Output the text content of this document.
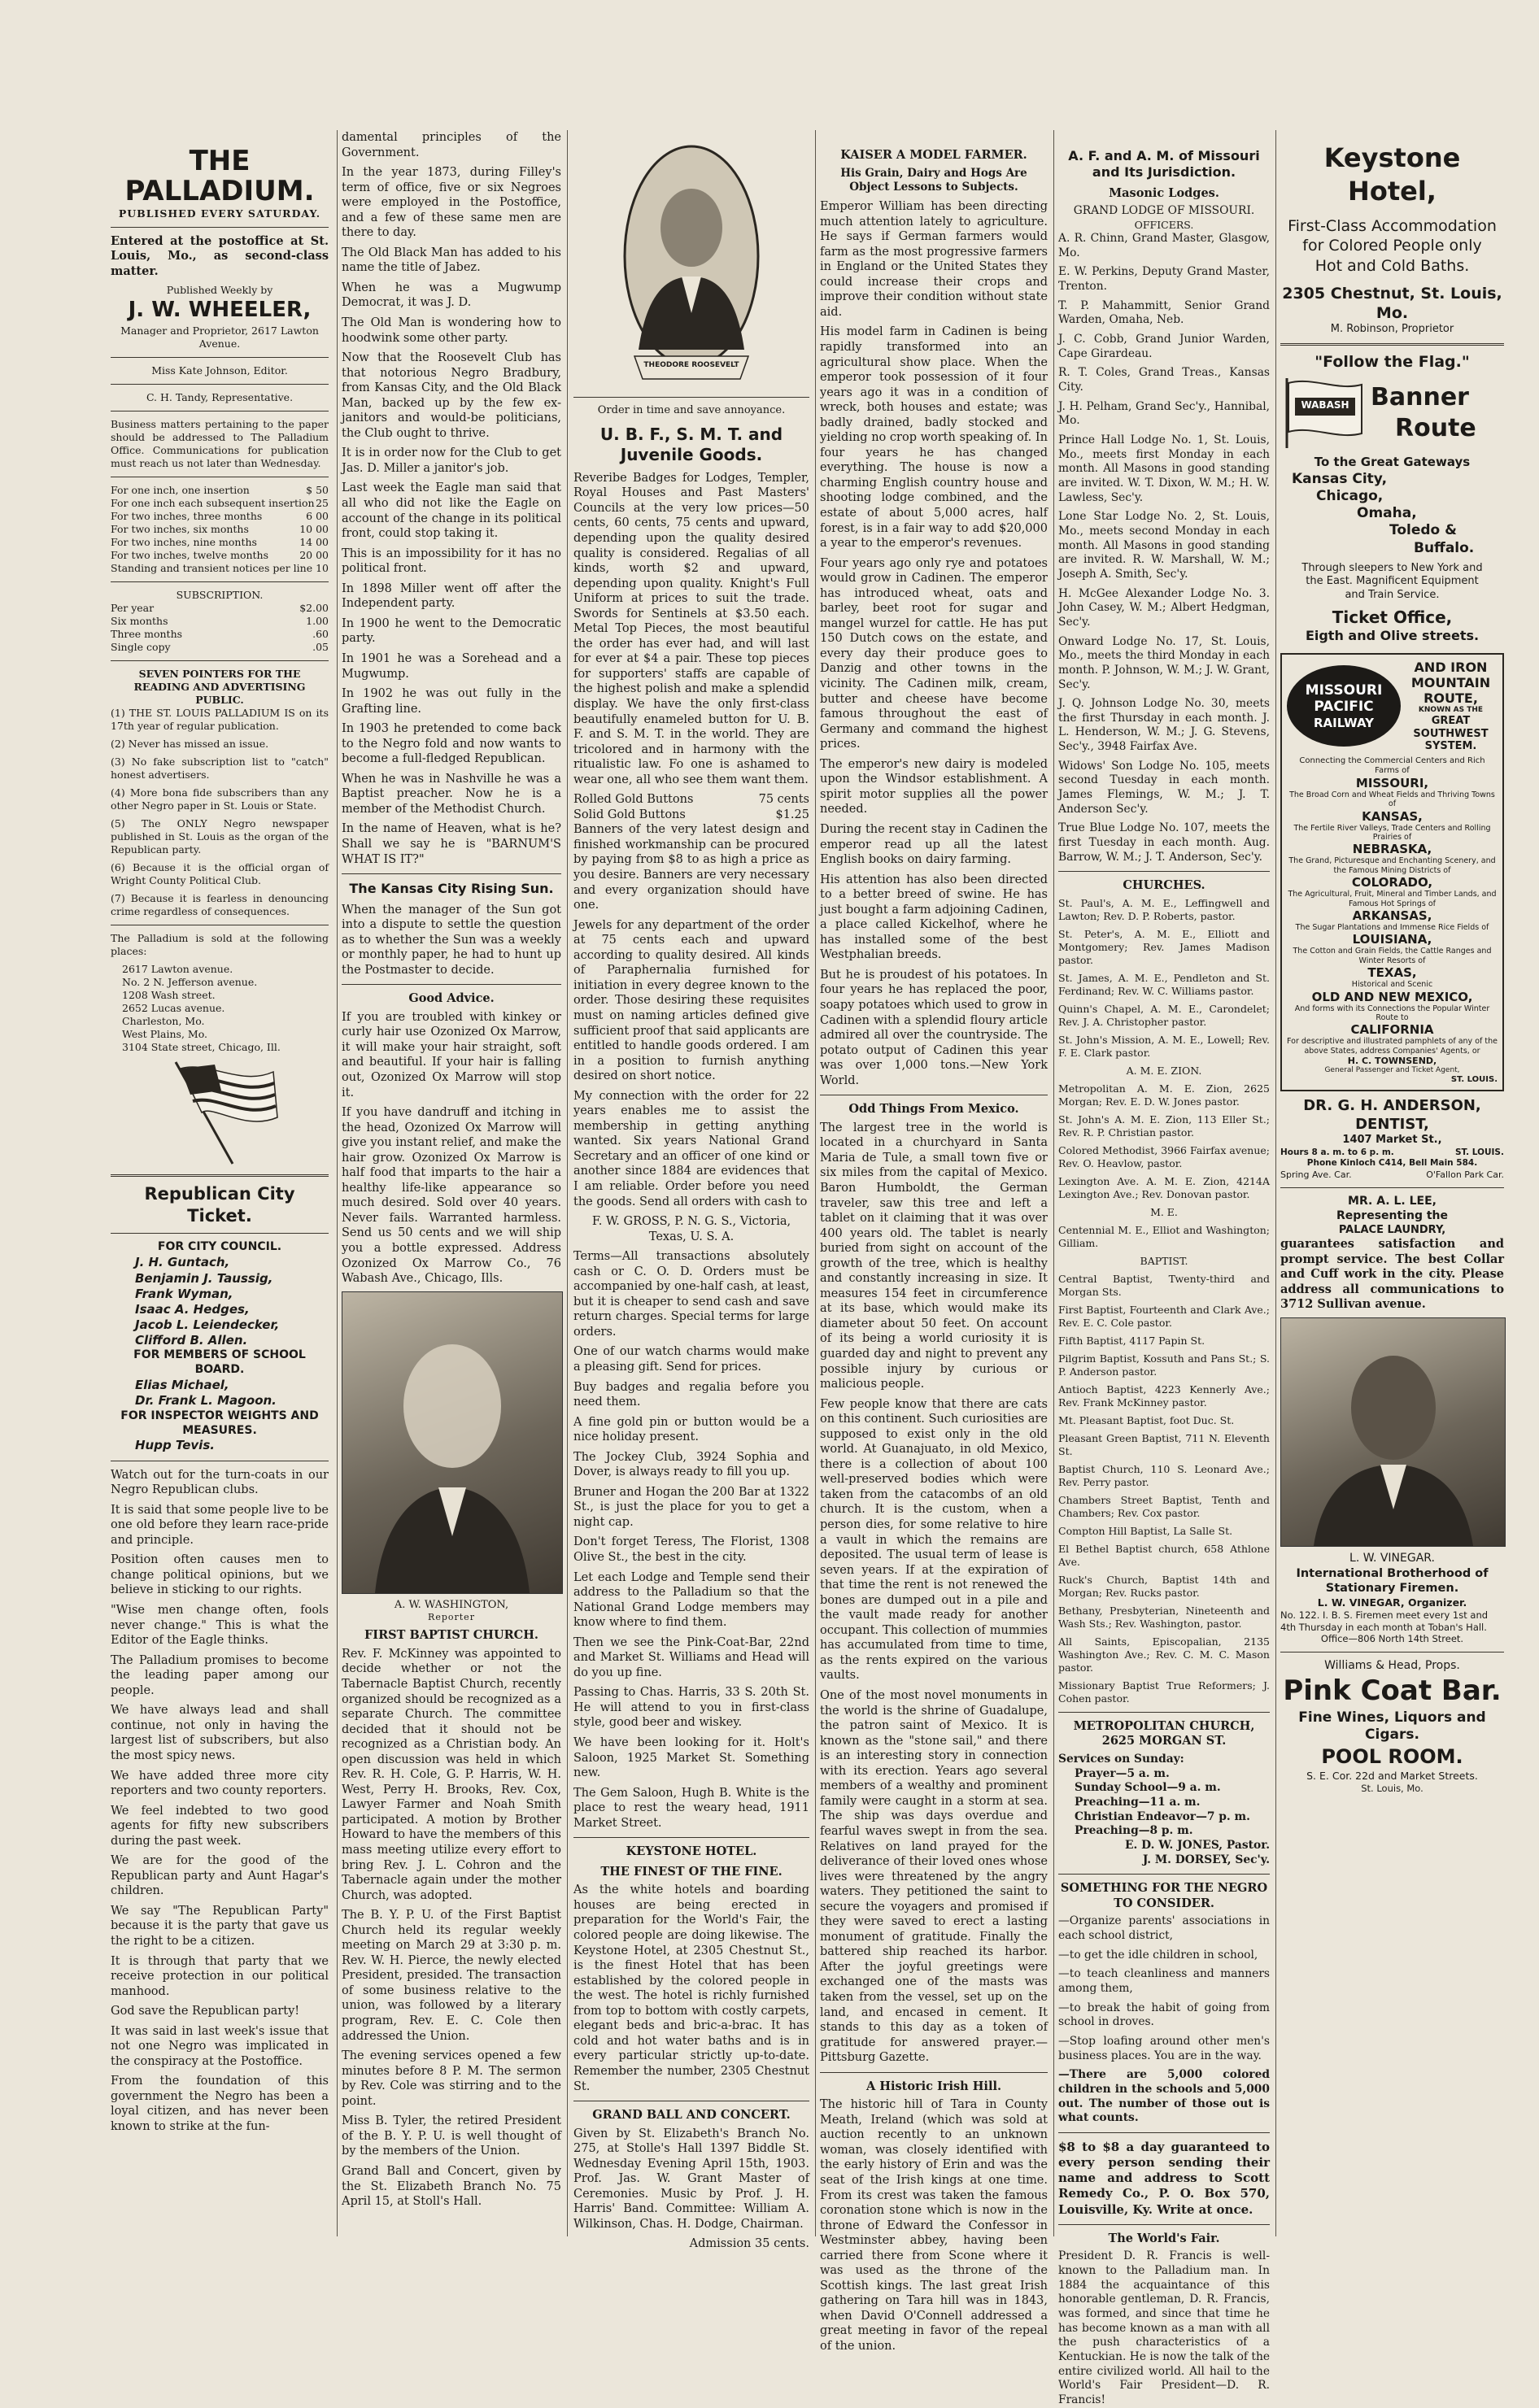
THE PALLADIUM.
PUBLISHED EVERY SATURDAY.

Entered at the postoffice at St. Louis, Mo., as second-class matter.

Published Weekly by
J. W. WHEELER,
Manager and Proprietor, 2617 Lawton Avenue.
Miss Kate Johnson, Editor.
C. H. Tandy, Representative.

Business matters pertaining to the paper should be addressed to The Palladium Office. Communications for publication must reach us not later than Wednesday.

For one inch, one insertion	$ 50
For one inch each subsequent insertion 25
For two inches, three months	6 00
For two inches, six months	10 00
For two inches, nine months	14 00
For two inches, twelve months	20 00
Standing and transient notices per line 10
SUBSCRIPTION.
Per year	$2.00
Six months	1.00
Three months	.60
Single copy	.05
SEVEN POINTERS FOR THE READING AND ADVERTISING PUBLIC.
(1) THE ST. LOUIS PALLADIUM IS on its 17th year of regular publication.
(2) Never has missed an issue.
(3) No fake subscription list to "catch" honest advertisers.
(4) More bona fide subscribers than any other Negro paper in St. Louis or State.
(5) The ONLY Negro newspaper published in St. Louis as the organ of the Republican party.
(6) Because it is the official organ of Wright County Political Club.
(7) Because it is fearless in denouncing crime regardless of consequences.

The Palladium is sold at the following places:

2617 Lawton avenue.
No. 2 N. Jefferson avenue.
1208 Wash street.
2652 Lucas avenue.
Charleston, Mo.
West Plains, Mo.
3104 State street, Chicago, Ill.
Republican City Ticket.
FOR CITY COUNCIL.
J. H. Guntach,
Benjamin J. Taussig,
Frank Wyman,
Isaac A. Hedges,
Jacob L. Leiendecker,
Clifford B. Allen.
FOR MEMBERS OF SCHOOL BOARD.
Elias Michael,
Dr. Frank L. Magoon.
FOR INSPECTOR WEIGHTS AND MEASURES.
Hupp Tevis.

Watch out for the turn-coats in our Negro Republican clubs.

It is said that some people live to be one old before they learn race-pride and principle.

Position often causes men to change political opinions, but we believe in sticking to our rights.

"Wise men change often, fools never change." This is what the Editor of the Eagle thinks.

The Palladium promises to become the leading paper among our people.

We have always lead and shall continue, not only in having the largest list of subscribers, but also the most spicy news.

We have added three more city reporters and two county reporters.

We feel indebted to two good agents for fifty new subscribers during the past week.

We are for the good of the Republican party and Aunt Hagar's children.

We say "The Republican Party" because it is the party that gave us the right to be a citizen.

It is through that party that we receive protection in our political manhood.

God save the Republican party!

It was said in last week's issue that not one Negro was implicated in the conspiracy at the Postoffice.

From the foundation of this government the Negro has been a loyal citizen, and has never been known to strike at the fun-

damental principles of the Government.

In the year 1873, during Filley's term of office, five or six Negroes were employed in the Postoffice, and a few of these same men are there to day.

The Old Black Man has added to his name the title of Jabez.

When he was a Mugwump Democrat, it was J. D.

The Old Man is wondering how to hoodwink some other party.

Now that the Roosevelt Club has that notorious Negro Bradbury, from Kansas City, and the Old Black Man, backed up by the few ex-janitors and would-be politicians, the Club ought to thrive.

It is in order now for the Club to get Jas. D. Miller a janitor's job.

Last week the Eagle man said that all who did not like the Eagle on account of the change in its political front, could stop taking it.

This is an impossibility for it has no political front.

In 1898 Miller went off after the Independent party.

In 1900 he went to the Democratic party.

In 1901 he was a Sorehead and a Mugwump.

In 1902 he was out fully in the Grafting line.

In 1903 he pretended to come back to the Negro fold and now wants to become a full-fledged Republican.

When he was in Nashville he was a Baptist preacher. Now he is a member of the Methodist Church.

In the name of Heaven, what is he? Shall we say he is "BARNUM'S WHAT IS IT?"

The Kansas City Rising Sun.

When the manager of the Sun got into a dispute to settle the question as to whether the Sun was a weekly or monthly paper, he had to hunt up the Postmaster to decide.

Good Advice.

If you are troubled with kinkey or curly hair use Ozonized Ox Marrow, it will make your hair straight, soft and beautiful. If your hair is falling out, Ozonized Ox Marrow will stop it.

If you have dandruff and itching in the head, Ozonized Ox Marrow will give you instant relief, and make the hair grow. Ozonized Ox Marrow is half food that imparts to the hair a healthy life-like appearance so much desired. Sold over 40 years. Never fails. Warranted harmless. Send us 50 cents and we will ship you a bottle expressed. Address Ozonized Ox Marrow Co., 76 Wabash Ave., Chicago, Ills.

A. W. WASHINGTON,
Reporter
FIRST BAPTIST CHURCH.

Rev. F. McKinney was appointed to decide whether or not the Tabernacle Baptist Church, recently organized should be recognized as a separate Church. The committee decided that it should not be recognized as a Christian body. An open discussion was held in which Rev. R. H. Cole, G. P. Harris, W. H. West, Perry H. Brooks, Rev. Cox, Lawyer Farmer and Noah Smith participated. A motion by Brother Howard to have the members of this mass meeting utilize every effort to bring Rev. J. L. Cohron and the Tabernacle again under the mother Church, was adopted.

The B. Y. P. U. of the First Baptist Church held its regular weekly meeting on March 29 at 3:30 p. m. Rev. W. H. Pierce, the newly elected President, presided. The transaction of some business relative to the union, was followed by a literary program, Rev. E. C. Cole then addressed the Union.

The evening services opened a few minutes before 8 P. M. The sermon by Rev. Cole was stirring and to the point.

Miss B. Tyler, the retired President of the B. Y. P. U. is well thought of by the members of the Union.

Grand Ball and Concert, given by the St. Elizabeth Branch No. 75 April 15, at Stoll's Hall.

THEODORE ROOSEVELT
Order in time and save annoyance.
U. B. F., S. M. T. and Juvenile Goods.

Reveribe Badges for Lodges, Templer, Royal Houses and Past Masters' Councils at the very low prices—50 cents, 60 cents, 75 cents and upward, depending upon the quality desired quality is considered. Regalias of all kinds, worth $2 and upward, depending upon quality. Knight's Full Uniform at prices to suit the trade. Swords for Sentinels at $3.50 each. Metal Top Pieces, the most beautiful the order has ever had, and will last for ever at $4 a pair. These top pieces for supporters' staffs are capable of the highest polish and make a splendid display. We have the only first-class beautifully enameled button for U. B. F. and S. M. T. in the world. They are tricolored and in harmony with the ritualistic law. Fo one is ashamed to wear one, all who see them want them.

Rolled Gold Buttons	75 cents
Solid Gold Buttons	$1.25

Banners of the very latest design and finished workmanship can be procured by paying from $8 to as high a price as you desire. Banners are very necessary and every organization should have one.

Jewels for any department of the order at 75 cents each and upward according to quality desired. All kinds of Paraphernalia furnished for initiation in every degree known to the order. Those desiring these requisites must on naming articles defined give sufficient proof that said applicants are entitled to handle goods ordered. I am in a position to furnish anything desired on short notice.

My connection with the order for 22 years enables me to assist the membership in getting anything wanted. Six years National Grand Secretary and an officer of one kind or another since 1884 are evidences that I am reliable. Order before you need the goods. Send all orders with cash to

F. W. GROSS, P. N. G. S., Victoria, Texas, U. S. A.

Terms—All transactions absolutely cash or C. O. D. Orders must be accompanied by one-half cash, at least, but it is cheaper to send cash and save return charges. Special terms for large orders.

One of our watch charms would make a pleasing gift. Send for prices.

Buy badges and regalia before you need them.

A fine gold pin or button would be a nice holiday present.

The Jockey Club, 3924 Sophia and Dover, is always ready to fill you up.

Bruner and Hogan the 200 Bar at 1322 St., is just the place for you to get a night cap.

Don't forget Teress, The Florist, 1308 Olive St., the best in the city.

Let each Lodge and Temple send their address to the Palladium so that the National Grand Lodge members may know where to find them.

Then we see the Pink-Coat-Bar, 22nd and Market St. Williams and Head will do you up fine.

Passing to Chas. Harris, 33 S. 20th St. He will attend to you in first-class style, good beer and wiskey.

We have been looking for it. Holt's Saloon, 1925 Market St. Something new.

The Gem Saloon, Hugh B. White is the place to rest the weary head, 1911 Market Street.

KEYSTONE HOTEL.
THE FINEST OF THE FINE.

As the white hotels and boarding houses are being erected in preparation for the World's Fair, the colored people are doing likewise. The Keystone Hotel, at 2305 Chestnut St., is the finest Hotel that has been established by the colored people in the west. The hotel is richly furnished from top to bottom with costly carpets, elegant beds and bric-a-brac. It has cold and hot water baths and is in every particular strictly up-to-date. Remember the number, 2305 Chestnut St.

GRAND BALL AND CONCERT.

Given by St. Elizabeth's Branch No. 275, at Stolle's Hall 1397 Biddle St. Wednesday Evening April 15th, 1903. Prof. Jas. W. Grant Master of Ceremonies. Music by Prof. J. H. Harris' Band. Committee: William A. Wilkinson, Chas. H. Dodge, Chairman.

Admission 35 cents.
KAISER A MODEL FARMER.
His Grain, Dairy and Hogs Are Object Lessons to Subjects.

Emperor William has been directing much attention lately to agriculture. He says if German farmers would farm as the most progressive farmers in England or the United States they could increase their crops and improve their condition without state aid.

His model farm in Cadinen is being rapidly transformed into an agricultural show place. When the emperor took possession of it four years ago it was in a condition of wreck, both houses and estate; was badly drained, badly stocked and yielding no crop worth speaking of. In four years he has changed everything. The house is now a charming English country house and shooting lodge combined, and the estate of about 5,000 acres, half forest, is in a fair way to add $20,000 a year to the emperor's revenues.

Four years ago only rye and potatoes would grow in Cadinen. The emperor has introduced wheat, oats and barley, beet root for sugar and mangel wurzel for cattle. He has put 150 Dutch cows on the estate, and every day their produce goes to Danzig and other towns in the vicinity. The Cadinen milk, cream, butter and cheese have become famous throughout the east of Germany and command the highest prices.

The emperor's new dairy is modeled upon the Windsor establishment. A spirit motor supplies all the power needed.

During the recent stay in Cadinen the emperor read up all the latest English books on dairy farming.

His attention has also been directed to a better breed of swine. He has just bought a farm adjoining Cadinen, a place called Kickelhof, where he has installed some of the best Westphalian breeds.

But he is proudest of his potatoes. In four years he has replaced the poor, soapy potatoes which used to grow in Cadinen with a splendid floury article admired all over the countryside. The potato output of Cadinen this year was over 1,000 tons.—New York World.

Odd Things From Mexico.

The largest tree in the world is located in a churchyard in Santa Maria de Tule, a small town five or six miles from the capital of Mexico. Baron Humboldt, the German traveler, saw this tree and left a tablet on it claiming that it was over 400 years old. The tablet is nearly buried from sight on account of the growth of the tree, which is healthy and constantly increasing in size. It measures 154 feet in circumference at its base, which would make its diameter about 50 feet. On account of its being a world curiosity it is guarded day and night to prevent any possible injury by curious or malicious people.

Few people know that there are cats on this continent. Such curiosities are supposed to exist only in the old world. At Guanajuato, in old Mexico, there is a collection of about 100 well-preserved bodies which were taken from the catacombs of an old church. It is the custom, when a person dies, for some relative to hire a vault in which the remains are deposited. The usual term of lease is seven years. If at the expiration of that time the rent is not renewed the bones are dumped out in a pile and the vault made ready for another occupant. This collection of mummies has accumulated from time to time, as the rents expired on the various vaults.

One of the most novel monuments in the world is the shrine of Guadalupe, the patron saint of Mexico. It is known as the "stone sail," and there is an interesting story in connection with its erection. Years ago several members of a wealthy and prominent family were caught in a storm at sea. The ship was days overdue and fearful waves swept in from the sea. Relatives on land prayed for the deliverance of their loved ones whose lives were threatened by the angry waters. They petitioned the saint to secure the voyagers and promised if they were saved to erect a lasting monument of gratitude. Finally the battered ship reached its harbor. After the joyful greetings were exchanged one of the masts was taken from the vessel, set up on the land, and encased in cement. It stands to this day as a token of gratitude for answered prayer.—Pittsburg Gazette.

A Historic Irish Hill.

The historic hill of Tara in County Meath, Ireland (which was sold at auction recently to an unknown woman, was closely identified with the early history of Erin and was the seat of the Irish kings at one time. From its crest was taken the famous coronation stone which is now in the throne of Edward the Confessor in Westminster abbey, having been carried there from Scone where it was used as the throne of the Scottish kings. The last great Irish gathering on Tara hill was in 1843, when David O'Connell addressed a great meeting in favor of the repeal of the union.

A. F. and A. M. of Missouri and Its Jurisdiction.
Masonic Lodges.
GRAND LODGE OF MISSOURI.
OFFICERS.

A. R. Chinn, Grand Master, Glasgow, Mo.

E. W. Perkins, Deputy Grand Master, Trenton.

T. P. Mahammitt, Senior Grand Warden, Omaha, Neb.

J. C. Cobb, Grand Junior Warden, Cape Girardeau.

R. T. Coles, Grand Treas., Kansas City.

J. H. Pelham, Grand Sec'y., Hannibal, Mo.

Prince Hall Lodge No. 1, St. Louis, Mo., meets first Monday in each month. All Masons in good standing are invited. W. T. Dixon, W. M.; H. W. Lawless, Sec'y.

Lone Star Lodge No. 2, St. Louis, Mo., meets second Monday in each month. All Masons in good standing are invited. R. W. Marshall, W. M.; Joseph A. Smith, Sec'y.

H. McGee Alexander Lodge No. 3. John Casey, W. M.; Albert Hedgman, Sec'y.

Onward Lodge No. 17, St. Louis, Mo., meets the third Monday in each month. P. Johnson, W. M.; J. W. Grant, Sec'y.

J. Q. Johnson Lodge No. 30, meets the first Thursday in each month. J. L. Henderson, W. M.; J. G. Stevens, Sec'y., 3948 Fairfax Ave.

Widows' Son Lodge No. 105, meets second Tuesday in each month. James Flemings, W. M.; J. T. Anderson Sec'y.

True Blue Lodge No. 107, meets the first Tuesday in each month. Aug. Barrow, W. M.; J. T. Anderson, Sec'y.

CHURCHES.

St. Paul's, A. M. E., Leffingwell and Lawton; Rev. D. P. Roberts, pastor.

St. Peter's, A. M. E., Elliott and Montgomery; Rev. James Madison pastor.

St. James, A. M. E., Pendleton and St. Ferdinand; Rev. W. C. Williams pastor.

Quinn's Chapel, A. M. E., Carondelet; Rev. J. A. Christopher pastor.

St. John's Mission, A. M. E., Lowell; Rev. F. E. Clark pastor.

A. M. E. ZION.

Metropolitan A. M. E. Zion, 2625 Morgan; Rev. E. D. W. Jones pastor.

St. John's A. M. E. Zion, 113 Eller St.; Rev. R. P. Christian pastor.

Colored Methodist, 3966 Fairfax avenue; Rev. O. Heavlow, pastor.

Lexington Ave. A. M. E. Zion, 4214A Lexington Ave.; Rev. Donovan pastor.

M. E.

Centennial M. E., Elliot and Washington; Gilliam.

BAPTIST.

Central Baptist, Twenty-third and Morgan Sts.

First Baptist, Fourteenth and Clark Ave.; Rev. E. C. Cole pastor.

Fifth Baptist, 4117 Papin St.

Pilgrim Baptist, Kossuth and Pans St.; S. P. Anderson pastor.

Antioch Baptist, 4223 Kennerly Ave.; Rev. Frank McKinney pastor.

Mt. Pleasant Baptist, foot Duc. St.

Pleasant Green Baptist, 711 N. Eleventh St.

Baptist Church, 110 S. Leonard Ave.; Rev. Perry pastor.

Chambers Street Baptist, Tenth and Chambers; Rev. Cox pastor.

Compton Hill Baptist, La Salle St.

El Bethel Baptist church, 658 Athlone Ave.

Ruck's Church, Baptist 14th and Morgan; Rev. Rucks pastor.

Bethany, Presbyterian, Nineteenth and Wash Sts.; Rev. Washington, pastor.

All Saints, Episcopalian, 2135 Washington Ave.; Rev. C. M. C. Mason pastor.

Missionary Baptist True Reformers; J. Cohen pastor.

METROPOLITAN CHURCH, 2625 MORGAN ST.
Services on Sunday:
Prayer—5 a. m.
Sunday School—9 a. m.
Preaching—11 a. m.
Christian Endeavor—7 p. m.
Preaching—8 p. m.
E. D. W. JONES, Pastor.
J. M. DORSEY, Sec'y.
SOMETHING FOR THE NEGRO TO CONSIDER.

—Organize parents' associations in each school district,

—to get the idle children in school,

—to teach cleanliness and manners among them,

—to break the habit of going from school in droves.

—Stop loafing around other men's business places. You are in the way.

—There are 5,000 colored children in the schools and 5,000 out. The number of those out is what counts.

$8 to $8 a day guaranteed to every person sending their name and address to Scott Remedy Co., P. O. Box 570, Louisville, Ky. Write at once.

The World's Fair.

President D. R. Francis is well-known to the Palladium man. In 1884 the acquaintance of this honorable gentleman, D. R. Francis, was formed, and since that time he has become known as a man with all the push characteristics of a Kentuckian. He is now the talk of the entire civilized world. All hail to the World's Fair President—D. R. Francis!

Keystone Hotel,
First-Class Accommodation
for Colored People only
Hot and Cold Baths.
2305 Chestnut, St. Louis, Mo.
M. Robinson, Proprietor
"Follow the Flag."
WABASH Banner
Route
To the Great Gateways
Kansas City,
Chicago,
Omaha,
Toledo &
Buffalo.
Through sleepers to New York and the East. Magnificent Equipment and Train Service.
Ticket Office,
Eigth and Olive streets.
MISSOURI
PACIFIC
RAILWAY
AND IRON
MOUNTAIN
ROUTE,
KNOWN AS THE
GREAT
SOUTHWEST
SYSTEM.
Connecting the Commercial Centers and Rich Farms of
MISSOURI,
The Broad Corn and Wheat Fields and Thriving Towns of
KANSAS,
The Fertile River Valleys, Trade Centers and Rolling Prairies of
NEBRASKA,
The Grand, Picturesque and Enchanting Scenery, and the Famous Mining Districts of
COLORADO,
The Agricultural, Fruit, Mineral and Timber Lands, and Famous Hot Springs of
ARKANSAS,
The Sugar Plantations and Immense Rice Fields of
LOUISIANA,
The Cotton and Grain Fields, the Cattle Ranges and Winter Resorts of
TEXAS,
Historical and Scenic
OLD AND NEW MEXICO,
And forms with its Connections the Popular Winter Route to
CALIFORNIA
For descriptive and illustrated pamphlets of any of the above States, address Companies' Agents, or
H. C. TOWNSEND,
General Passenger and Ticket Agent,
ST. LOUIS.
DR. G. H. ANDERSON,
DENTIST,
1407 Market St.,
Hours 8 a. m. to 6 p. m.	ST. LOUIS.
Phone Kinloch C414, Bell Main 584.
Spring Ave. Car.	O'Fallon Park Car.
MR. A. L. LEE,
Representing the
PALACE LAUNDRY,

guarantees satisfaction and prompt service. The best Collar and Cuff work in the city. Please address all communications to 3712 Sullivan avenue.

L. W. VINEGAR.
International Brotherhood of
Stationary Firemen.
L. W. VINEGAR, Organizer.
No. 122. I. B. S. Firemen meet every 1st and 4th Thursday in each month at Toban's Hall.
Office—806 North 14th Street.
Williams & Head, Props.
Pink Coat Bar.
Fine Wines, Liquors and Cigars.
POOL ROOM.
S. E. Cor. 22d and Market Streets.
St. Louis, Mo.
